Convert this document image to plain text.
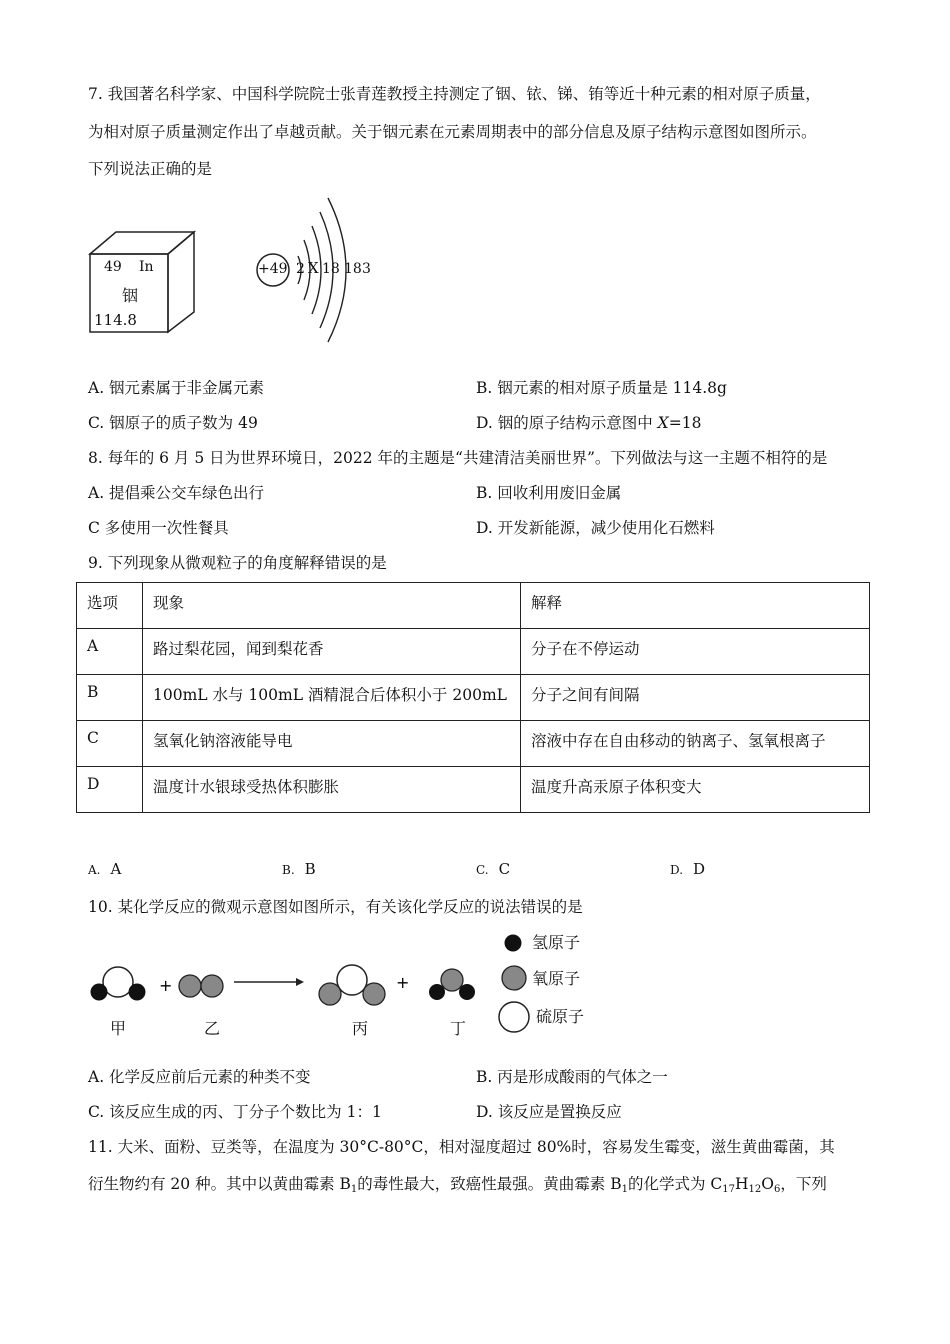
7. 我国著名科学家、中国科学院院士张青莲教授主持测定了铟、铱、锑、铕等近十种元素的相对原子质量，
为相对原子质量测定作出了卓越贡献。关于铟元素在元素周期表中的部分信息及原子结构示意图如图所示。
下列说法正确的是
49 In
铟
114.8
+49 2 X 18 18 3
A. 铟元素属于非金属元素	B. 铟元素的相对原子质量是 114.8g
C. 铟原子的质子数为 49	D. 铟的原子结构示意图中 X=18
8. 每年的 6 月 5 日为世界环境日，2022 年的主题是“共建清洁美丽世界”。下列做法与这一主题不相符的是
A. 提倡乘公交车绿色出行	B. 回收利用废旧金属
C 多使用一次性餐具	D. 开发新能源，减少使用化石燃料
9. 下列现象从微观粒子的角度解释错误的是
选项	现象	解释
A	路过梨花园，闻到梨花香	分子在不停运动
B	100mL 水与 100mL 酒精混合后体积小于 200mL	分子之间有间隔
C	氢氧化钠溶液能导电	溶液中存在自由移动的钠离子、氢氧根离子
D	温度计水银球受热体积膨胀	温度升高汞原子体积变大
A. A	B. B	C. C	D. D
10. 某化学反应的微观示意图如图所示，有关该化学反应的说法错误的是
+	+
甲	乙	丙	丁
氢原子
氧原子
硫原子
A. 化学反应前后元素的种类不变	B. 丙是形成酸雨的气体之一
C. 该反应生成的丙、丁分子个数比为 1：1	D. 该反应是置换反应
11. 大米、面粉、豆类等，在温度为 30°C-80°C，相对湿度超过 80%时，容易发生霉变，滋生黄曲霉菌，其
衍生物约有 20 种。其中以黄曲霉素 $B_1$的毒性最大，致癌性最强。黄曲霉素 $B_1$的化学式为 $C_{17}H_{12}O_6$，下列
